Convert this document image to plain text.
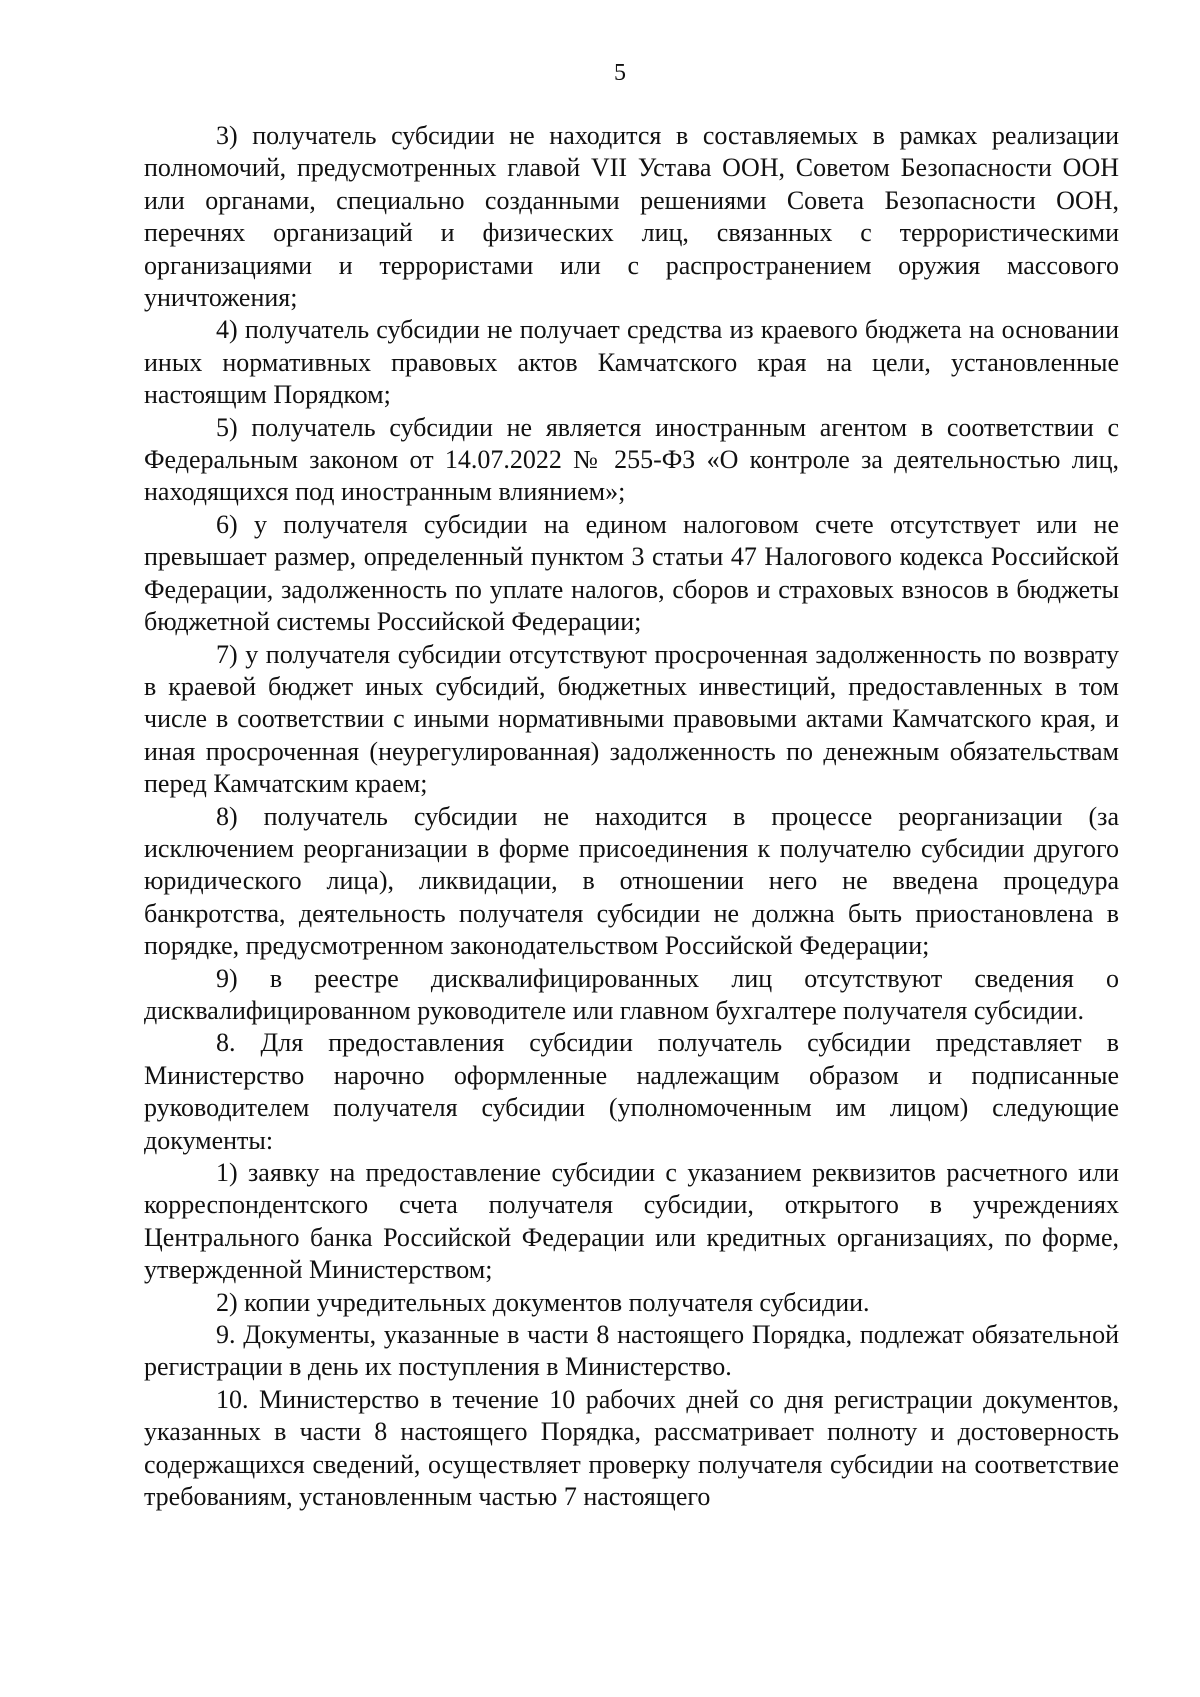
5

3) получатель субсидии не находится в составляемых в рамках реализации полномочий, предусмотренных главой VII Устава ООН, Советом Безопасности ООН или органами, специально созданными решениями Совета Безопасности ООН, перечнях организаций и физических лиц, связанных с террористическими организациями и террористами или с распространением оружия массового уничтожения;

4) получатель субсидии не получает средства из краевого бюджета на основании иных нормативных правовых актов Камчатского края на цели, установленные настоящим Порядком;

5) получатель субсидии не является иностранным агентом в соответствии с Федеральным законом от 14.07.2022 № 255-ФЗ «О контроле за деятельностью лиц, находящихся под иностранным влиянием»;

6) у получателя субсидии на едином налоговом счете отсутствует или не превышает размер, определенный пунктом 3 статьи 47 Налогового кодекса Российской Федерации, задолженность по уплате налогов, сборов и страховых взносов в бюджеты бюджетной системы Российской Федерации;

7) у получателя субсидии отсутствуют просроченная задолженность по возврату в краевой бюджет иных субсидий, бюджетных инвестиций, предоставленных в том числе в соответствии с иными нормативными правовыми актами Камчатского края, и иная просроченная (неурегулированная) задолженность по денежным обязательствам перед Камчатским краем;

8) получатель субсидии не находится в процессе реорганизации (за исключением реорганизации в форме присоединения к получателю субсидии другого юридического лица), ликвидации, в отношении него не введена процедура банкротства, деятельность получателя субсидии не должна быть приостановлена в порядке, предусмотренном законодательством Российской Федерации;

9) в реестре дисквалифицированных лиц отсутствуют сведения о дисквалифицированном руководителе или главном бухгалтере получателя субсидии.

8. Для предоставления субсидии получатель субсидии представляет в Министерство нарочно оформленные надлежащим образом и подписанные руководителем получателя субсидии (уполномоченным им лицом) следующие документы:

1) заявку на предоставление субсидии с указанием реквизитов расчетного или корреспондентского счета получателя субсидии, открытого в учреждениях Центрального банка Российской Федерации или кредитных организациях, по форме, утвержденной Министерством;

2) копии учредительных документов получателя субсидии.

9. Документы, указанные в части 8 настоящего Порядка, подлежат обязательной регистрации в день их поступления в Министерство.

10. Министерство в течение 10 рабочих дней со дня регистрации документов, указанных в части 8 настоящего Порядка, рассматривает полноту и достоверность содержащихся сведений, осуществляет проверку получателя субсидии на соответствие требованиям, установленным частью 7 настоящего
